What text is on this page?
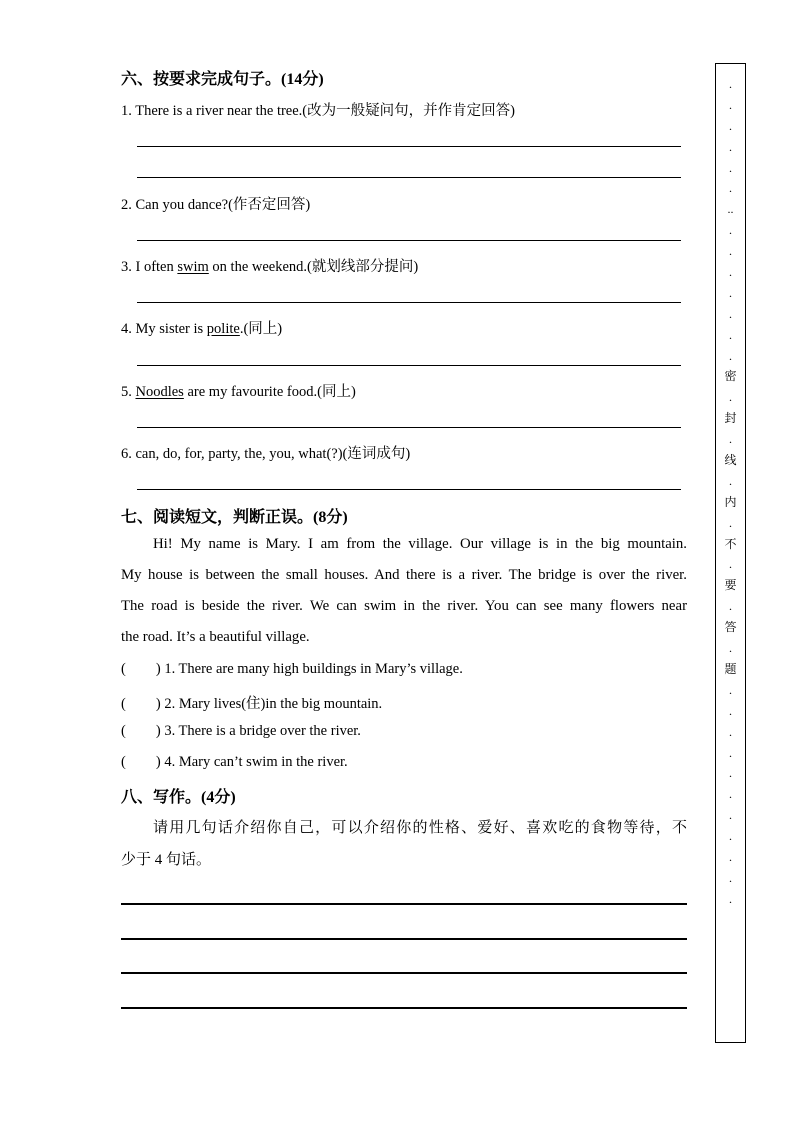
六、按要求完成句子。(14分)
1. There is a river near the tree.(改为一般疑问句，并作肯定回答)
2. Can you dance?(作否定回答)
3. I often swim on the weekend.(就划线部分提问)
4. My sister is polite.(同上)
5. Noodles are my favourite food.(同上)
6. can, do, for, party, the, you, what(?)(连词成句)
七、阅读短文，判断正误。(8分)
Hi! My name is Mary. I am from the village. Our village is in the big mountain.
My house is between the small houses. And there is a river. The bridge is over the river.
The road is beside the river. We can swim in the river. You can see many flowers near
the road. It’s a beautiful village.
( ) 1. There are many high buildings in Mary’s village.
( ) 2. Mary lives(住)in the big mountain.
( ) 3. There is a bridge over the river.
( ) 4. Mary can’t swim in the river.
八、写作。(4分)
请用几句话介绍你自己，可以介绍你的性格、爱好、喜欢吃的食物等待，不
少于 4 句话。
.
.
.
.
.
.
..
.
.
.
.
.
.
.
密
.
封
.
线
.
内
.
不
.
要
.
答
.
题
.
.
.
.
.
.
.
.
.
.
.
